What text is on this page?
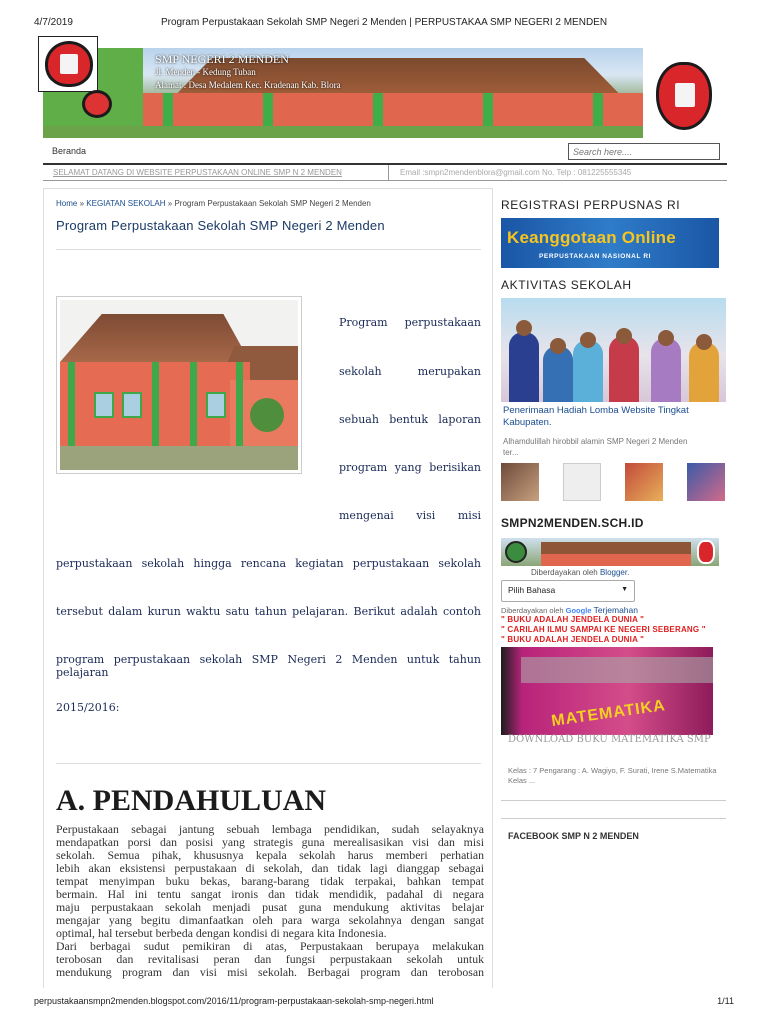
4/7/2019	Program Perpustakaan Sekolah SMP Negeri 2 Menden | PERPUSTAKAA SMP NEGERI 2 MENDEN
perpustakaansmpn2menden.blogspot.com/2016/11/program-perpustakaan-sekolah-smp-negeri.html	1/11
SMP NEGERI 2 MENDEN
Jl. Menden - Kedung Tuban
Alamat : Desa Medalem Kec. Kradenan Kab. Blora
Beranda
Search here....
SELAMAT DATANG DI WEBSITE PERPUSTAKAAN ONLINE SMP N 2 MENDEN	Email :smpn2mendenblora@gmail.com No. Telp : 081225555345
Home » KEGIATAN SEKOLAH » Program Perpustakaan Sekolah SMP Negeri 2 Menden
Program Perpustakaan Sekolah SMP Negeri 2 Menden
Program perpustakaan
sekolah merupakan
sebuah bentuk laporan
program yang berisikan
mengenai visi misi
perpustakaan sekolah hingga rencana kegiatan perpustakaan sekolah
tersebut dalam kurun waktu satu tahun pelajaran. Berikut adalah contoh
program perpustakaan sekolah SMP Negeri 2 Menden untuk tahun pelajaran
2015/2016:
A. PENDAHULUAN

Perpustakaan sebagai jantung sebuah lembaga pendidikan, sudah selayaknya

mendapatkan porsi dan posisi yang strategis guna merealisasikan visi dan misi

sekolah. Semua pihak, khususnya kepala sekolah harus memberi perhatian

lebih akan eksistensi perpustakaan di sekolah, dan tidak lagi dianggap sebagai

tempat menyimpan buku bekas, barang-barang tidak terpakai, bahkan tempat

bermain. Hal ini tentu sangat ironis dan tidak mendidik, padahal di negara

maju perpustakaan sekolah menjadi pusat guna mendukung aktivitas belajar

mengajar yang begitu dimanfaatkan oleh para warga sekolahnya dengan sangat

optimal, hal tersebut berbeda dengan kondisi di negara kita Indonesia.

Dari berbagai sudut pemikiran di atas, Perpustakaan berupaya melakukan

terobosan dan revitalisasi peran dan fungsi perpustakaan sekolah untuk

mendukung program dan visi misi sekolah. Berbagai program dan terobosan

REGISTRASI PERPUSNAS RI
Keanggotaan Online
PERPUSTAKAAN NASIONAL RI
AKTIVITAS SEKOLAH
Penerimaan Hadiah Lomba Website Tingkat
Kabupaten.
Alhamdulillah hirobbil alamin SMP Negeri 2 Menden
ter...
SMPN2MENDEN.SCH.ID
Diberdayakan oleh Blogger.
Pilih Bahasa	▼
Diberdayakan oleh Google Terjemahan
" BUKU ADALAH JENDELA DUNIA "
" CARILAH ILMU SAMPAI KE NEGERI SEBERANG "
" BUKU ADALAH JENDELA DUNIA "
MATEMATIKA
DOWNLOAD BUKU MATEMATIKA SMP
Kelas : 7 Pengarang : A. Wagiyo, F. Surati, Irene S.Matematika Kelas ...
FACEBOOK SMP N 2 MENDEN
